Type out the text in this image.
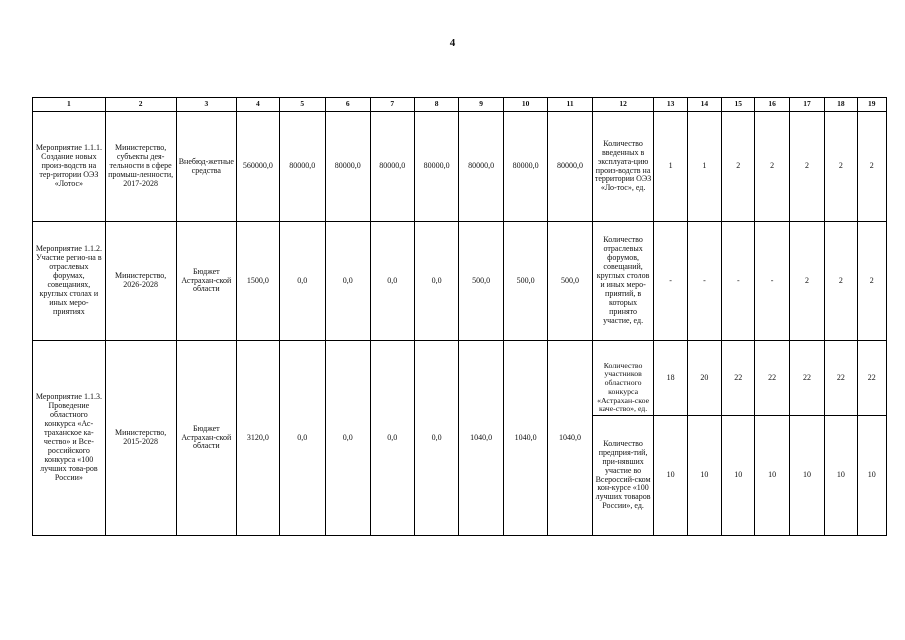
4
1	2	3	4	5	6	7	8	9	10	11	12	13	14	15	16	17	18	19
Мероприятие 1.1.1. Создание новых произ-водств на тер-ритории ОЭЗ «Лотос»	Министерство, субъекты дея-тельности в сфере промыш-ленности, 2017-2028	Внебюд-жетные средства	560000,0	80000,0	80000,0	80000,0	80000,0	80000,0	80000,0	80000,0	Количество введенных в эксплуата-цию произ-водств на территории ОЭЗ «Ло-тос», ед.	1	1	2	2	2	2	2
Мероприятие 1.1.2. Участие регио-на в отраслевых форумах, совещаниях, круглых столах и иных меро-приятиях	Министерство, 2026-2028	Бюджет Астрахан-ской области	1500,0	0,0	0,0	0,0	0,0	500,0	500,0	500,0	Количество отраслевых форумов, совещаний, круглых столов и иных меро-приятий, в которых принято участие, ед.	-	-	-	-	2	2	2
Мероприятие 1.1.3. Проведение областного конкурса «Ас-траханское ка-чество» и Все-российского конкурса «100 лучших това-ров России»	Министерство, 2015-2028	Бюджет Астрахан-ской области	3120,0	0,0	0,0	0,0	0,0	1040,0	1040,0	1040,0	Количество участников областного конкурса «Астрахан-ское каче-ство», ед.	18	20	22	22	22	22	22
											Количество предприя-тий, при-нявших участие во Всероссий-ском кон-курсе «100 лучших товаров России», ед.	10	10	10	10	10	10	10
